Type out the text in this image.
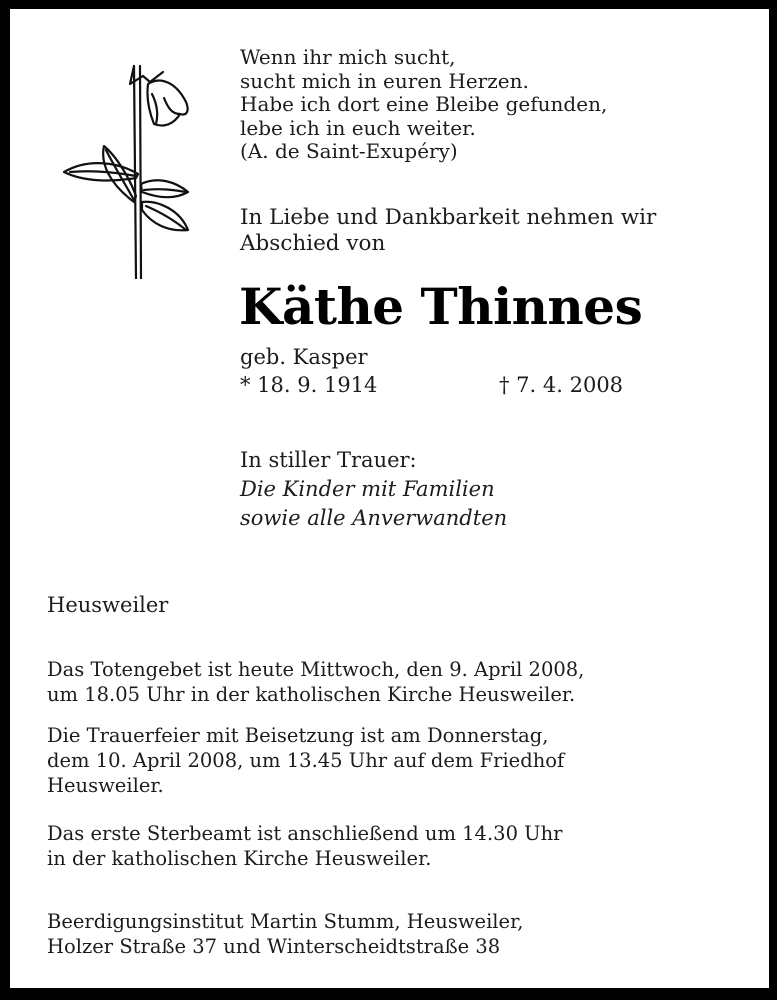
Wenn ihr mich sucht,
sucht mich in euren Herzen.
Habe ich dort eine Bleibe gefunden,
lebe ich in euch weiter.
(A. de Saint-Exupéry)
In Liebe und Dankbarkeit nehmen wir
Abschied von
Käthe Thinnes
geb. Kasper
* 18. 9. 1914	† 7. 4. 2008
In stiller Trauer:
Die Kinder mit Familien
sowie alle Anverwandten
Heusweiler
Das Totengebet ist heute Mittwoch, den 9. April 2008,
um 18.05 Uhr in der katholischen Kirche Heusweiler.
Die Trauerfeier mit Beisetzung ist am Donnerstag,
dem 10. April 2008, um 13.45 Uhr auf dem Friedhof
Heusweiler.
Das erste Sterbeamt ist anschließend um 14.30 Uhr
in der katholischen Kirche Heusweiler.
Beerdigungsinstitut Martin Stumm, Heusweiler,
Holzer Straße 37 und Winterscheidtstraße 38
